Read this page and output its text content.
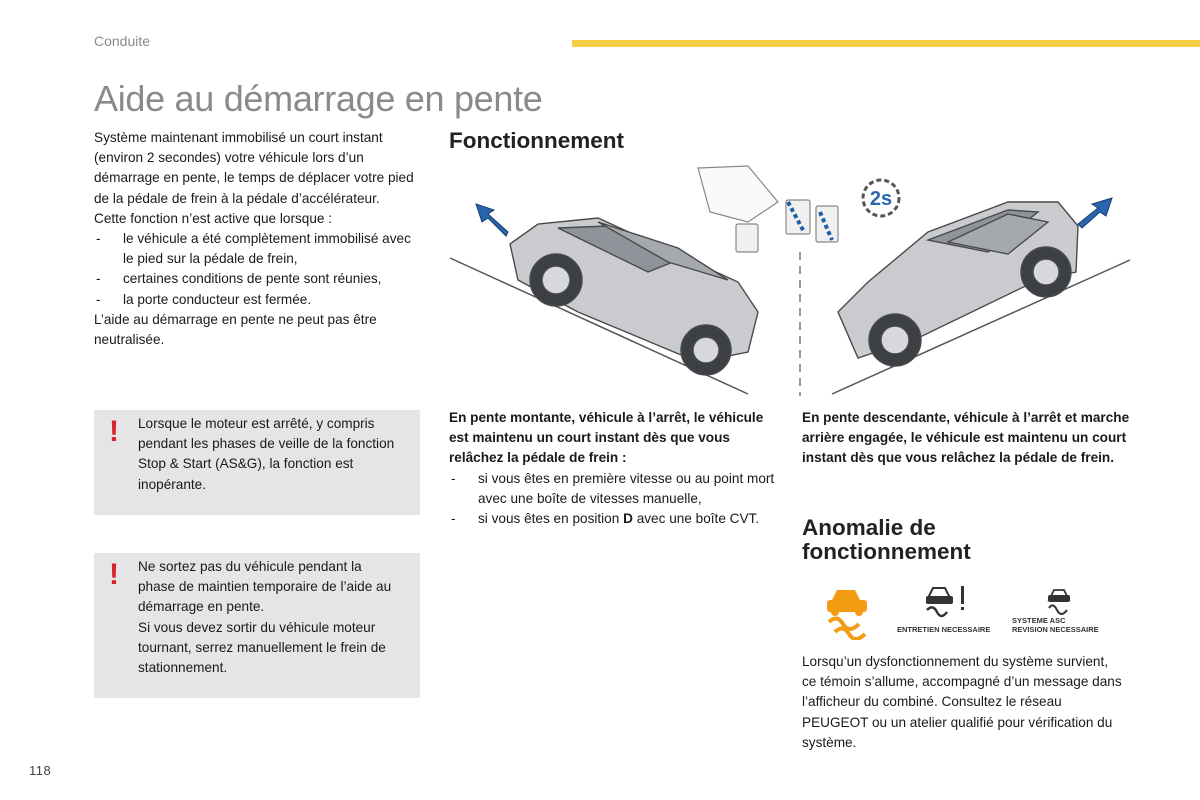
Conduite
Aide au démarrage en pente

Système maintenant immobilisé un court instant (environ 2 secondes) votre véhicule lors d’un démarrage en pente, le temps de déplacer votre pied de la pédale de frein à la pédale d’accélérateur.

Cette fonction n’est active que lorsque :

- le véhicule a été complètement immobilisé avec le pied sur la pédale de frein,
- certaines conditions de pente sont réunies,
- la porte conducteur est fermée.

L’aide au démarrage en pente ne peut pas être neutralisée.

! Lorsque le moteur est arrêté, y compris pendant les phases de veille de la fonction Stop & Start (AS&G), la fonction est inopérante.
! Ne sortez pas du véhicule pendant la phase de maintien temporaire de l’aide au démarrage en pente.
Si vous devez sortir du véhicule moteur tournant, serrez manuellement le frein de stationnement.
Fonctionnement
2s

En pente montante, véhicule à l’arrêt, le véhicule est maintenu un court instant dès que vous relâchez la pédale de frein :

- si vous êtes en première vitesse ou au point mort avec une boîte de vitesses manuelle,
- si vous êtes en position D avec une boîte CVT.

En pente descendante, véhicule à l’arrêt et marche arrière engagée, le véhicule est maintenu un court instant dès que vous relâchez la pédale de frein.

Anomalie de
fonctionnement
ENTRETIEN NECESSAIRE
SYSTEME ASC
REVISION NECESSAIRE

Lorsqu’un dysfonctionnement du système survient, ce témoin s’allume, accompagné d’un message dans l’afficheur du combiné. Consultez le réseau PEUGEOT ou un atelier qualifié pour vérification du système.

118
